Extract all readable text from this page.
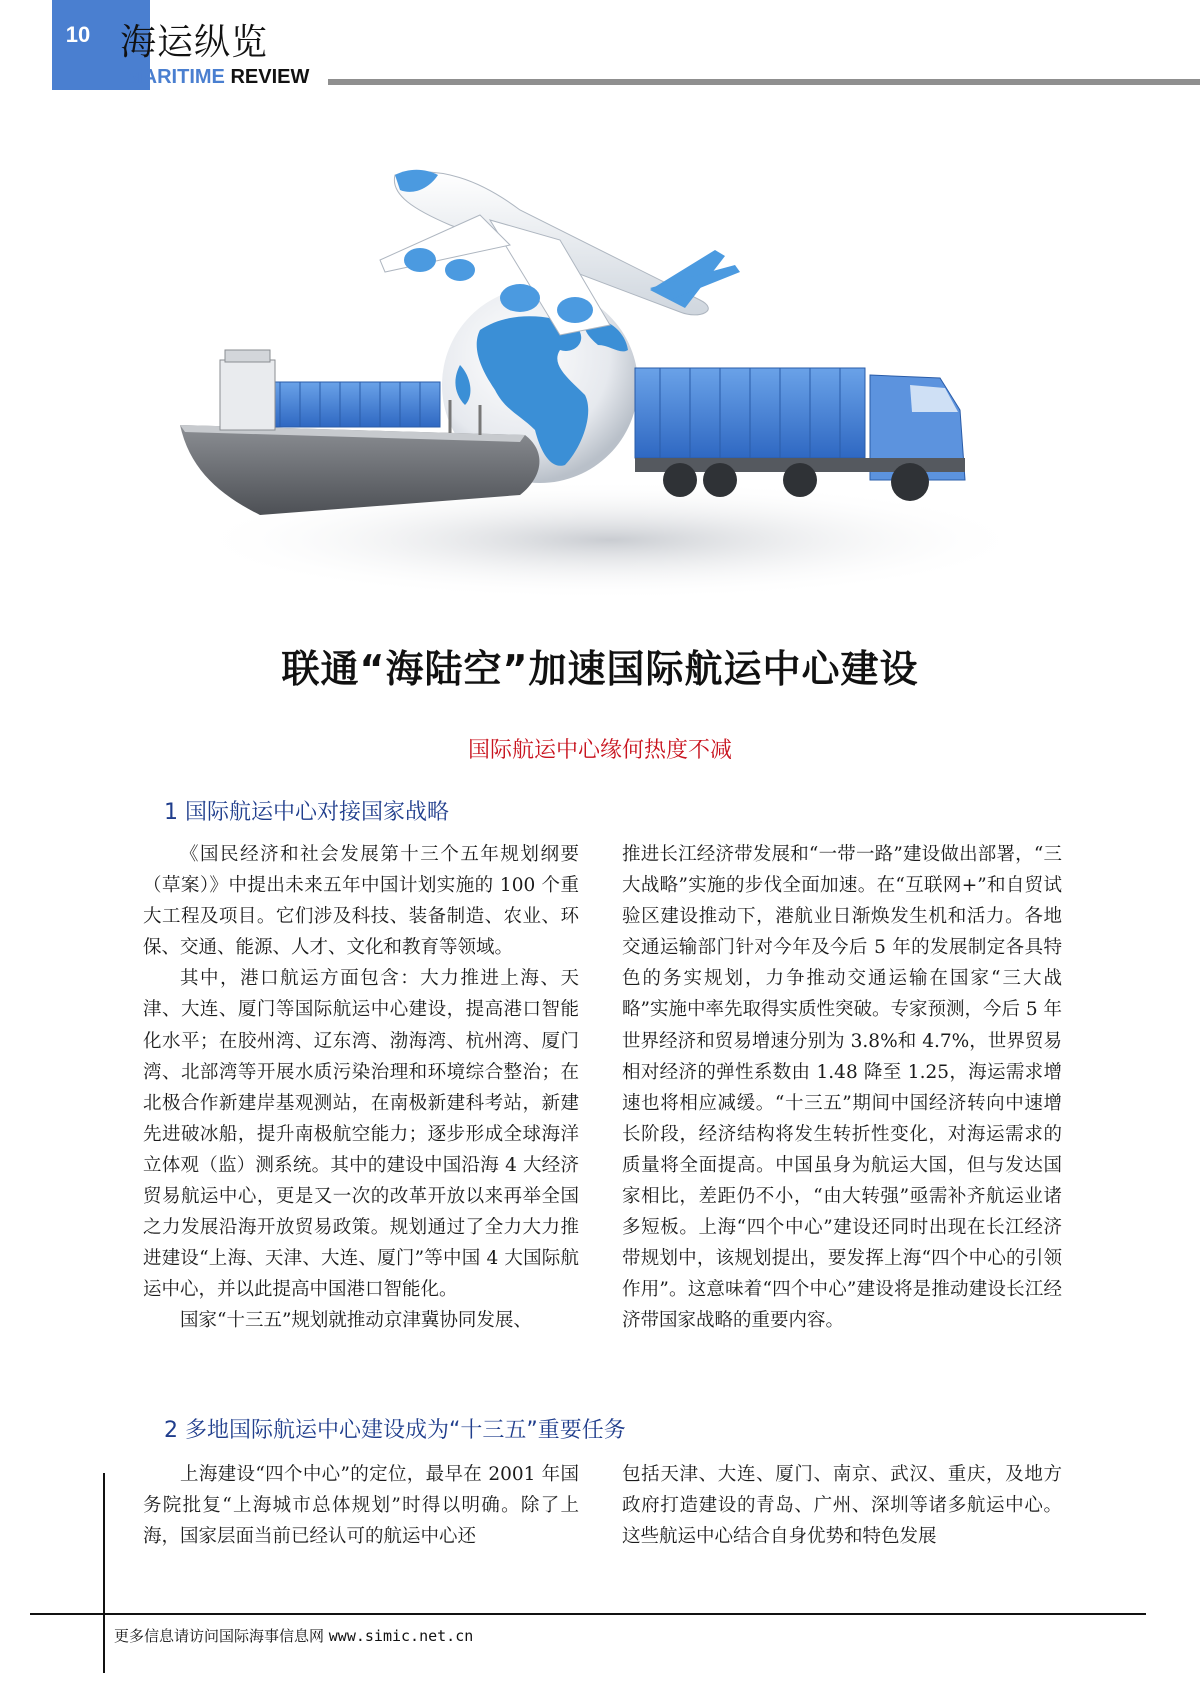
10 海运纵览
MARITIME REVIEW
联通“海陆空”加速国际航运中心建设
国际航运中心缘何热度不减
1 国际航运中心对接国家战略

《国民经济和社会发展第十三个五年规划纲要（草案）》中提出未来五年中国计划实施的 100 个重大工程及项目。它们涉及科技、装备制造、农业、环保、交通、能源、人才、文化和教育等领域。

其中，港口航运方面包含：大力推进上海、天津、大连、厦门等国际航运中心建设，提高港口智能化水平；在胶州湾、辽东湾、渤海湾、杭州湾、厦门湾、北部湾等开展水质污染治理和环境综合整治；在北极合作新建岸基观测站，在南极新建科考站，新建先进破冰船，提升南极航空能力；逐步形成全球海洋立体观（监）测系统。其中的建设中国沿海 4 大经济贸易航运中心，更是又一次的改革开放以来再举全国之力发展沿海开放贸易政策。规划通过了全力大力推进建设“上海、天津、大连、厦门”等中国 4 大国际航运中心，并以此提高中国港口智能化。

国家“十三五”规划就推动京津冀协同发展、

推进长江经济带发展和“一带一路”建设做出部署，“三大战略”实施的步伐全面加速。在“互联网+”和自贸试验区建设推动下，港航业日渐焕发生机和活力。各地交通运输部门针对今年及今后 5 年的发展制定各具特色的务实规划，力争推动交通运输在国家“三大战略”实施中率先取得实质性突破。专家预测，今后 5 年世界经济和贸易增速分别为 3.8%和 4.7%，世界贸易相对经济的弹性系数由 1.48 降至 1.25，海运需求增速也将相应减缓。“十三五”期间中国经济转向中速增长阶段，经济结构将发生转折性变化，对海运需求的质量将全面提高。中国虽身为航运大国，但与发达国家相比，差距仍不小，“由大转强”亟需补齐航运业诸多短板。上海“四个中心”建设还同时出现在长江经济带规划中，该规划提出，要发挥上海“四个中心的引领作用”。这意味着“四个中心”建设将是推动建设长江经济带国家战略的重要内容。

2 多地国际航运中心建设成为“十三五”重要任务

上海建设“四个中心”的定位，最早在 2001 年国务院批复“上海城市总体规划”时得以明确。除了上海，国家层面当前已经认可的航运中心还

包括天津、大连、厦门、南京、武汉、重庆，及地方政府打造建设的青岛、广州、深圳等诸多航运中心。这些航运中心结合自身优势和特色发展

更多信息请访问国际海事信息网 www.simic.net.cn
